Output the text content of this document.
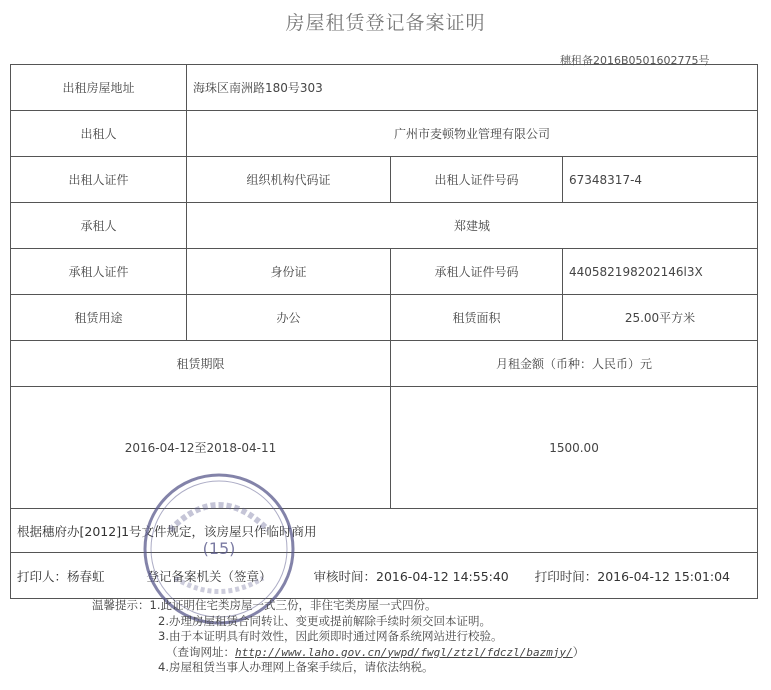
房屋租赁登记备案证明
穗租备2016B0501602775号
出租房屋地址	海珠区南洲路180号303		
出租人	广州市麦顿物业管理有限公司		
出租人证件	组织机构代码证	出租人证件号码	67348317-4
承租人	郑建城		
承租人证件	身份证	承租人证件号码	440582198202146l3X
租赁用途	办公	租赁面积	25.00平方米
租赁期限		月租金额（币种：人民币）元	
2016-04-12至2018-04-11		1500.00	
根据穗府办[2012]1号文件规定，该房屋只作临时商用			
打印人：杨春虹 登记备案机关（签章） 审核时间：2016-04-12 14:55:40 打印时间：2016-04-12 15:01:04			
(15)
温馨提示：1.此证明住宅类房屋一式三份，非住宅类房屋一式四份。
2.办理房屋租赁合同转让、变更或提前解除手续时须交回本证明。
3.由于本证明具有时效性，因此须即时通过网备系统网站进行校验。
（查询网址：http://www.laho.gov.cn/ywpd/fwgl/ztzl/fdczl/bazmjy/）
4.房屋租赁当事人办理网上备案手续后，请依法纳税。
